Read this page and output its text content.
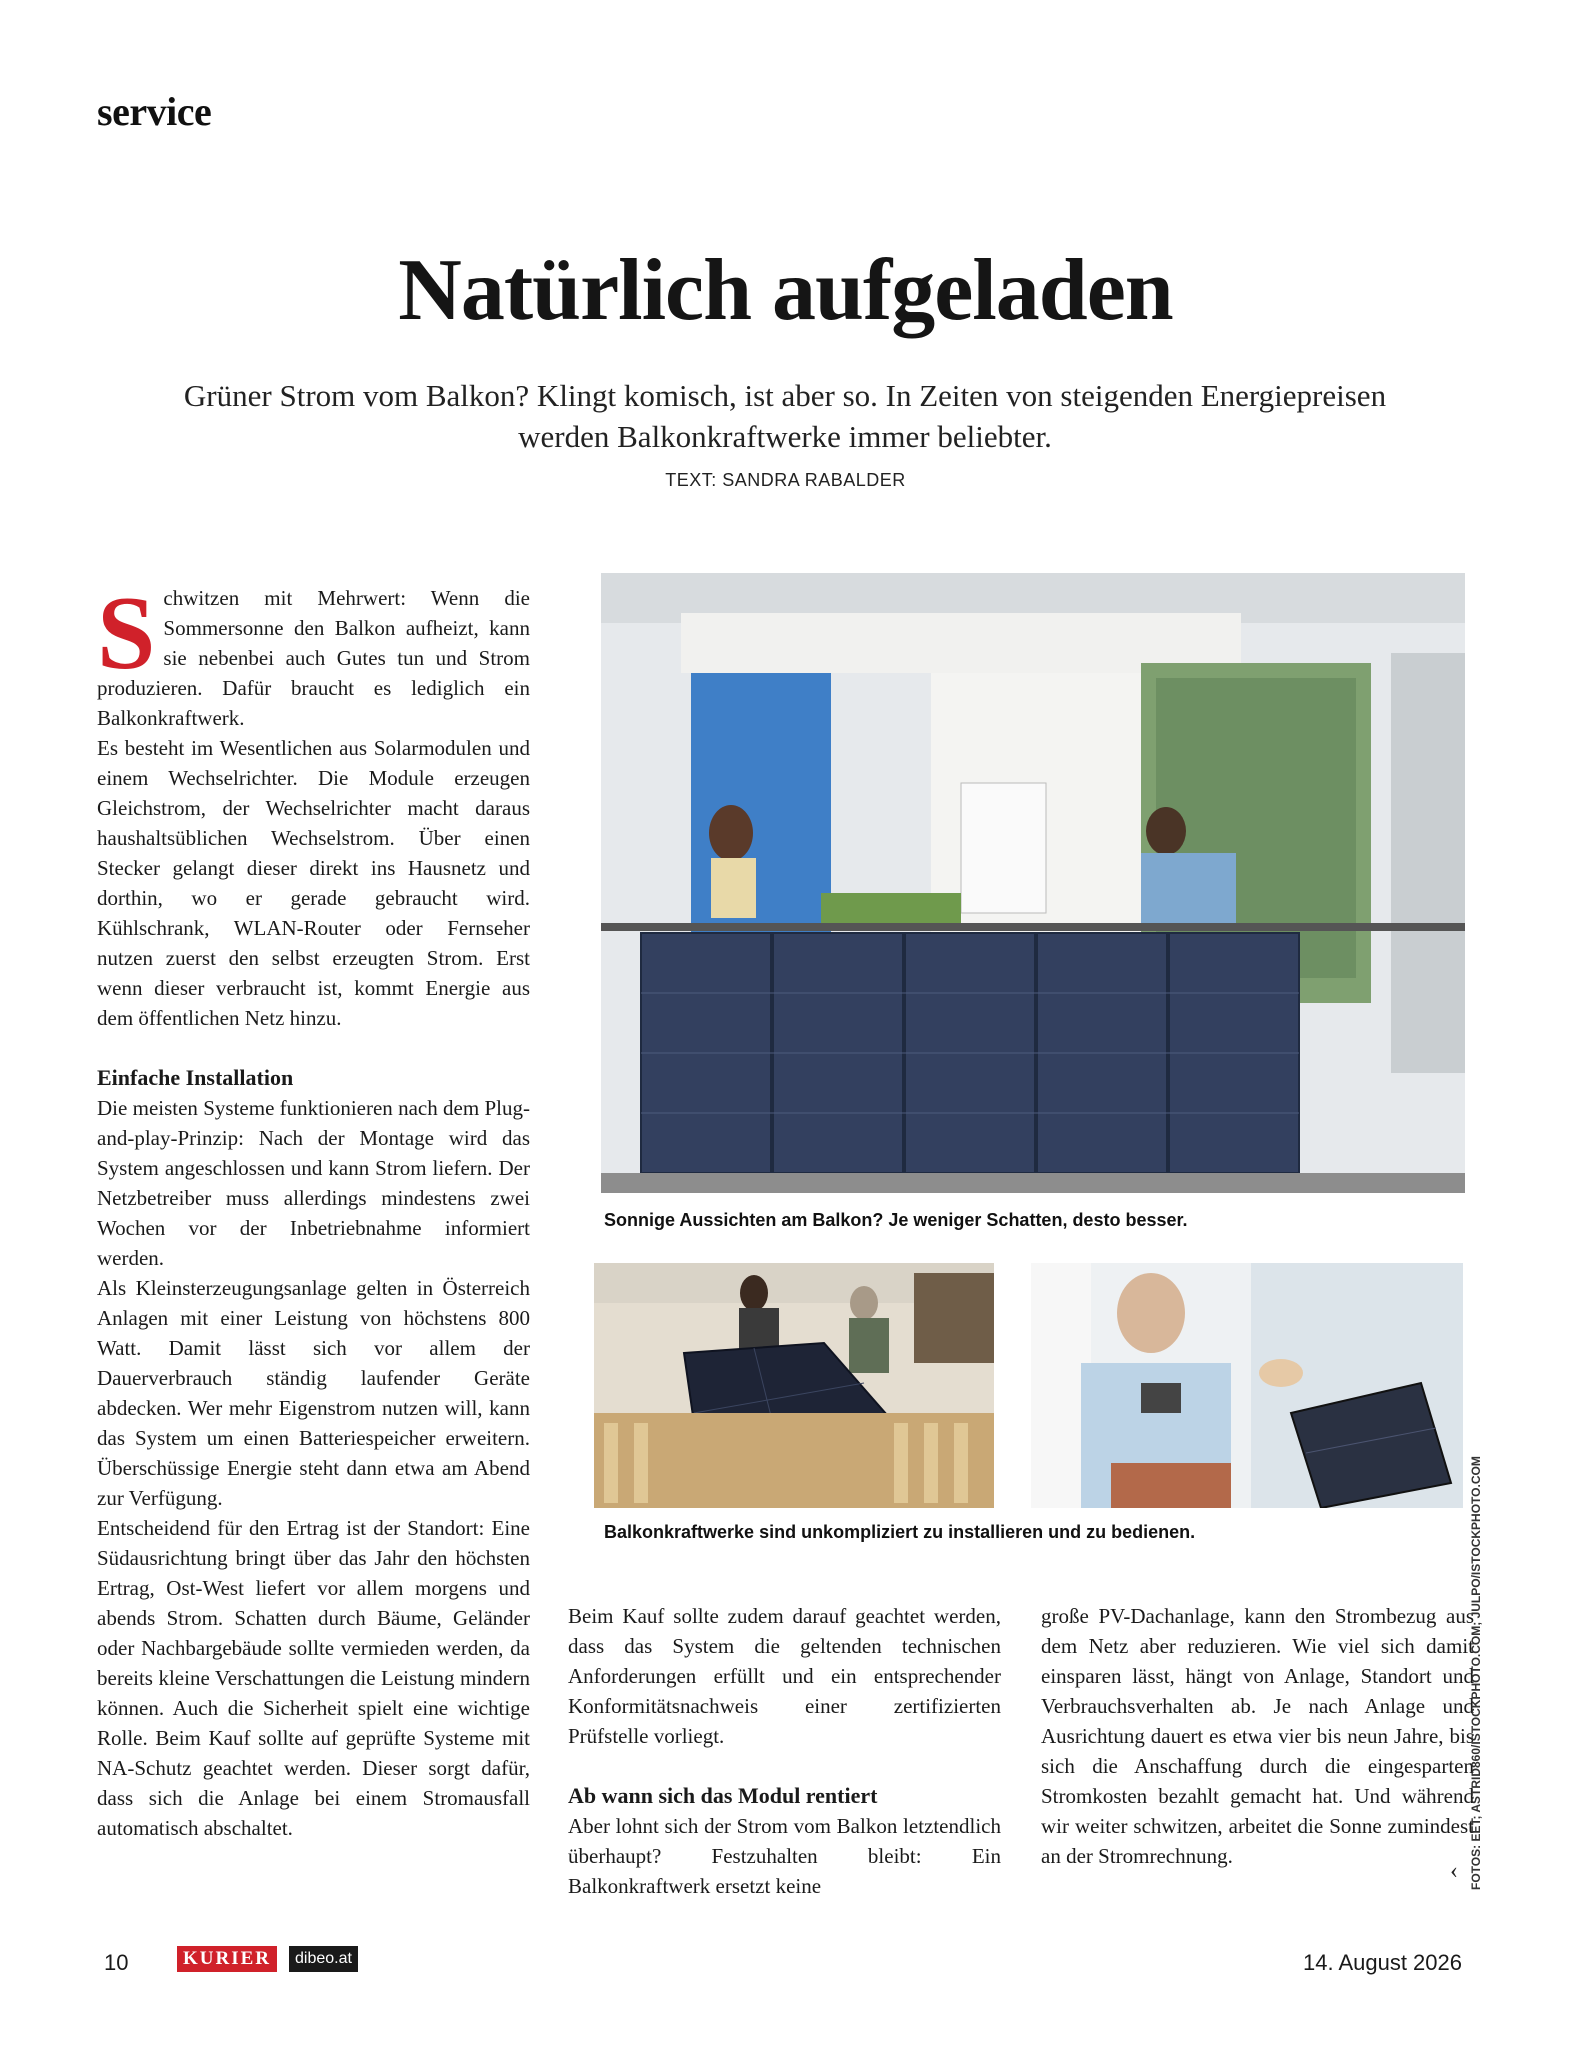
service
Natürlich aufgeladen
Grüner Strom vom Balkon? Klingt komisch, ist aber so. In Zeiten von steigenden Energiepreisen werden Balkonkraftwerke immer beliebter.
TEXT: SANDRA RABALDER

Schwitzen mit Mehrwert: Wenn die Sommersonne den Balkon aufheizt, kann sie nebenbei auch Gutes tun und Strom produzieren. Dafür braucht es lediglich ein Balkonkraftwerk.

Es besteht im Wesentlichen aus Solarmodulen und einem Wechselrichter. Die Module erzeugen Gleichstrom, der Wechselrichter macht daraus haushaltsüblichen Wechselstrom. Über einen Stecker gelangt dieser direkt ins Hausnetz und dorthin, wo er gerade gebraucht wird. Kühlschrank, WLAN-Router oder Fernseher nutzen zuerst den selbst erzeugten Strom. Erst wenn dieser verbraucht ist, kommt Energie aus dem öffentlichen Netz hinzu.

Einfache Installation

Die meisten Systeme funktionieren nach dem Plug-and-play-Prinzip: Nach der Montage wird das System angeschlossen und kann Strom liefern. Der Netzbetreiber muss allerdings mindestens zwei Wochen vor der Inbetriebnahme informiert werden.

Als Kleinsterzeugungsanlage gelten in Österreich Anlagen mit einer Leistung von höchstens 800 Watt. Damit lässt sich vor allem der Dauerverbrauch ständig laufender Geräte abdecken. Wer mehr Eigenstrom nutzen will, kann das System um einen Batteriespeicher erweitern. Überschüssige Energie steht dann etwa am Abend zur Verfügung.

Entscheidend für den Ertrag ist der Standort: Eine Südausrichtung bringt über das Jahr den höchsten Ertrag, Ost-West liefert vor allem morgens und abends Strom. Schatten durch Bäume, Geländer oder Nachbargebäude sollte vermieden werden, da bereits kleine Verschattungen die Leistung mindern können. Auch die Sicherheit spielt eine wichtige Rolle. Beim Kauf sollte auf geprüfte Systeme mit NA-Schutz geachtet werden. Dieser sorgt dafür, dass sich die Anlage bei einem Stromausfall automatisch abschaltet.

Sonnige Aussichten am Balkon? Je weniger Schatten, desto besser.
Balkonkraftwerke sind unkompliziert zu installieren und zu bedienen.

Beim Kauf sollte zudem darauf geachtet werden, dass das System die geltenden technischen Anforderungen erfüllt und ein entsprechender Konformitätsnachweis einer zertifizierten Prüfstelle vorliegt.

Ab wann sich das Modul rentiert

Aber lohnt sich der Strom vom Balkon letztendlich überhaupt? Festzuhalten bleibt: Ein Balkonkraftwerk ersetzt keine

große PV-Dachanlage, kann den Strombezug aus dem Netz aber reduzieren. Wie viel sich damit einsparen lässt, hängt von Anlage, Standort und Verbrauchsverhalten ab. Je nach Anlage und Ausrichtung dauert es etwa vier bis neun Jahre, bis sich die Anschaffung durch die eingesparten Stromkosten bezahlt gemacht hat. Und während wir weiter schwitzen, arbeitet die Sonne zumindest an der Stromrechnung.

‹ FOTOS: EET; ASTRID860/ISTOCKPHOTO.COM; JULPO/ISTOCKPHOTO.COM
10	KURIER	dibeo.at	14. August 2026
